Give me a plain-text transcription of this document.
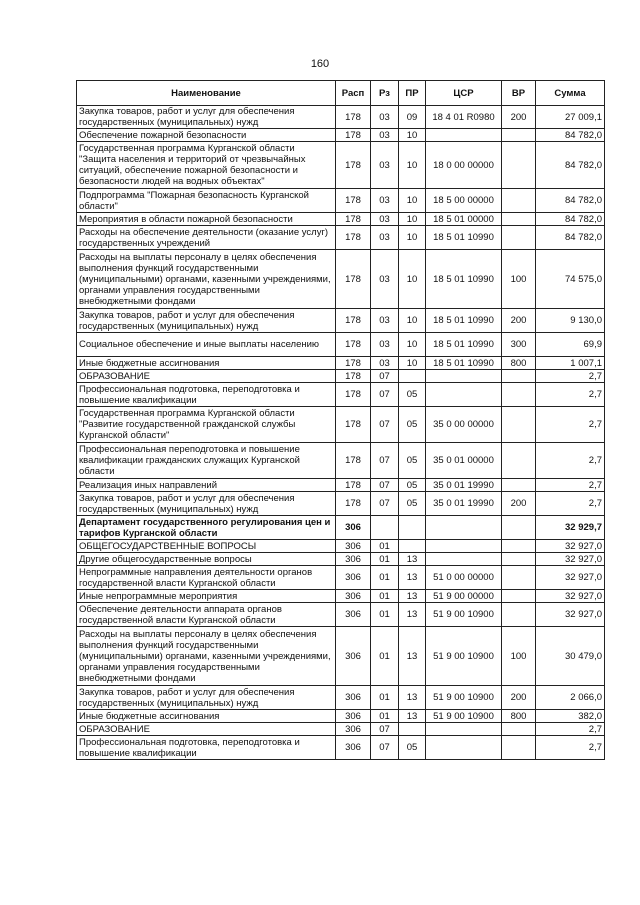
160
Наименование	Расп	Рз	ПР	ЦСР	ВР	Сумма
Закупка товаров, работ и услуг для обеспечения государственных (муниципальных) нужд	178	03	09	18 4 01 R0980	200	27 009,1
Обеспечение пожарной безопасности	178	03	10			84 782,0
Государственная программа Курганской области "Защита населения и территорий от чрезвычайных ситуаций, обеспечение пожарной безопасности и безопасности людей на водных объектах"	178	03	10	18 0 00 00000		84 782,0
Подпрограмма "Пожарная безопасность Курганской области"	178	03	10	18 5 00 00000		84 782,0
Мероприятия в области пожарной безопасности	178	03	10	18 5 01 00000		84 782,0
Расходы на обеспечение деятельности (оказание услуг) государственных учреждений	178	03	10	18 5 01 10990		84 782,0
Расходы на выплаты персоналу в целях обеспечения выполнения функций государственными (муниципальными) органами, казенными учреждениями, органами управления государственными внебюджетными фондами	178	03	10	18 5 01 10990	100	74 575,0
Закупка товаров, работ и услуг для обеспечения государственных (муниципальных) нужд	178	03	10	18 5 01 10990	200	9 130,0
Социальное обеспечение и иные выплаты населению	178	03	10	18 5 01 10990	300	69,9
Иные бюджетные ассигнования	178	03	10	18 5 01 10990	800	1 007,1
ОБРАЗОВАНИЕ	178	07				2,7
Профессиональная подготовка, переподготовка и повышение квалификации	178	07	05			2,7
Государственная программа Курганской области "Развитие государственной гражданской службы Курганской области"	178	07	05	35 0 00 00000		2,7
Профессиональная переподготовка и повышение квалификации гражданских служащих Курганской области	178	07	05	35 0 01 00000		2,7
Реализация иных направлений	178	07	05	35 0 01 19990		2,7
Закупка товаров, работ и услуг для обеспечения государственных (муниципальных) нужд	178	07	05	35 0 01 19990	200	2,7
Департамент государственного регулирования цен и тарифов Курганской области	306					32 929,7
ОБЩЕГОСУДАРСТВЕННЫЕ ВОПРОСЫ	306	01				32 927,0
Другие общегосударственные вопросы	306	01	13			32 927,0
Непрограммные направления деятельности органов государственной власти Курганской области	306	01	13	51 0 00 00000		32 927,0
Иные непрограммные мероприятия	306	01	13	51 9 00 00000		32 927,0
Обеспечение деятельности аппарата органов государственной власти Курганской области	306	01	13	51 9 00 10900		32 927,0
Расходы на выплаты персоналу в целях обеспечения выполнения функций государственными (муниципальными) органами, казенными учреждениями, органами управления государственными внебюджетными фондами	306	01	13	51 9 00 10900	100	30 479,0
Закупка товаров, работ и услуг для обеспечения государственных (муниципальных) нужд	306	01	13	51 9 00 10900	200	2 066,0
Иные бюджетные ассигнования	306	01	13	51 9 00 10900	800	382,0
ОБРАЗОВАНИЕ	306	07				2,7
Профессиональная подготовка, переподготовка и повышение квалификации	306	07	05			2,7
